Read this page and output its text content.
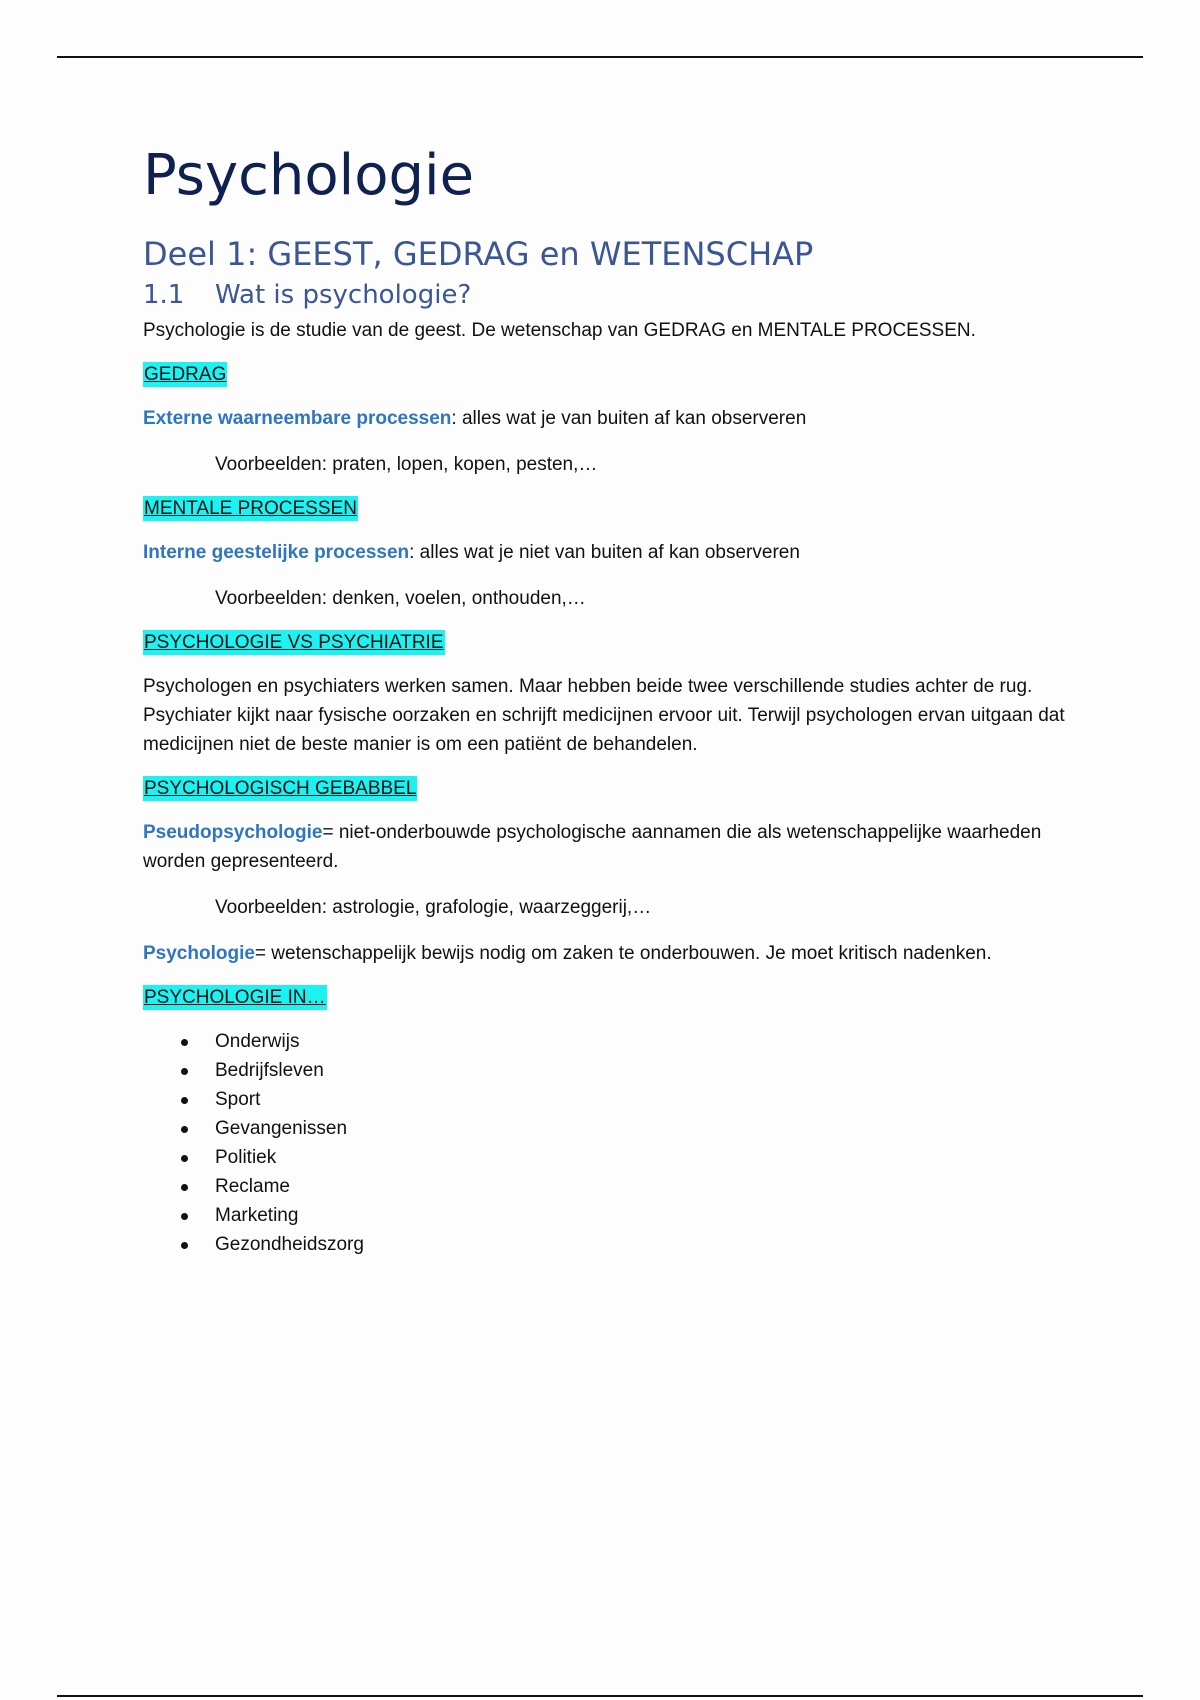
Psychologie
Deel 1: GEEST, GEDRAG en WETENSCHAP
1.1 Wat is psychologie?

Psychologie is de studie van de geest. De wetenschap van GEDRAG en MENTALE PROCESSEN.

GEDRAG

Externe waarneembare processen: alles wat je van buiten af kan observeren

Voorbeelden: praten, lopen, kopen, pesten,…

MENTALE PROCESSEN

Interne geestelijke processen: alles wat je niet van buiten af kan observeren

Voorbeelden: denken, voelen, onthouden,…

PSYCHOLOGIE VS PSYCHIATRIE

Psychologen en psychiaters werken samen. Maar hebben beide twee verschillende studies achter de rug. Psychiater kijkt naar fysische oorzaken en schrijft medicijnen ervoor uit. Terwijl psychologen ervan uitgaan dat medicijnen niet de beste manier is om een patiënt de behandelen.

PSYCHOLOGISCH GEBABBEL

Pseudopsychologie= niet-onderbouwde psychologische aannamen die als wetenschappelijke waarheden worden gepresenteerd.

Voorbeelden: astrologie, grafologie, waarzeggerij,…

Psychologie= wetenschappelijk bewijs nodig om zaken te onderbouwen. Je moet kritisch nadenken.

PSYCHOLOGIE IN…
Onderwijs
Bedrijfsleven
Sport
Gevangenissen
Politiek
Reclame
Marketing
Gezondheidszorg
